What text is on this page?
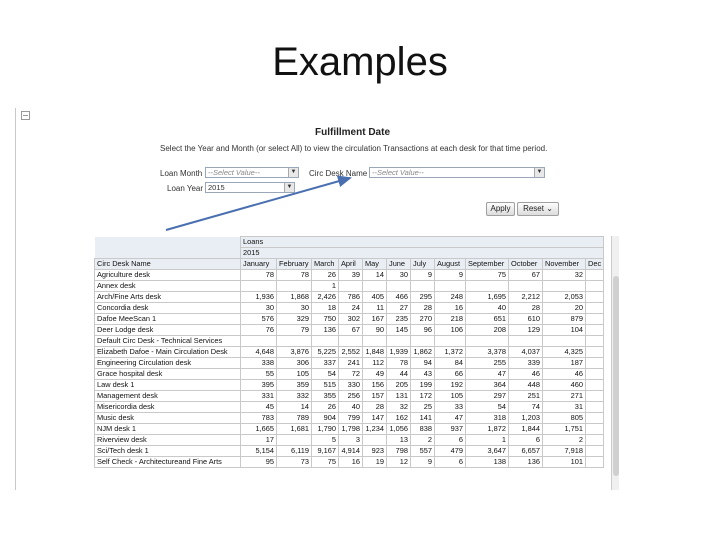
Examples
Fulfillment Date
Select the Year and Month (or select All) to view the circulation Transactions at each desk for that time period.
Loan Month --Select Value--	▼
Loan Year 2015	▼
Circ Desk Name --Select Value--	▼
Apply	Reset ⌄
	Loans											
	2015											
Circ Desk Name	January	February	March	April	May	June	July	August	September	October	November	Dec
Agriculture desk	78	78	26	39	14	30	9	9	75	67	32	
Annex desk			1									
Arch/Fine Arts desk	1,936	1,868	2,426	786	405	466	295	248	1,695	2,212	2,053	
Concordia desk	30	30	18	24	11	27	28	16	40	28	20	
Dafoe MeeScan 1	576	329	750	302	167	235	270	218	651	610	879	
Deer Lodge desk	76	79	136	67	90	145	96	106	208	129	104	
Default Circ Desk - Technical Services												
Elizabeth Dafoe - Main Circulation Desk	4,648	3,876	5,225	2,552	1,848	1,939	1,862	1,372	3,378	4,037	4,325	
Engineering Circulation desk	338	306	337	241	112	78	94	84	255	339	187	
Grace hospital desk	55	105	54	72	49	44	43	66	47	46	46	
Law desk 1	395	359	515	330	156	205	199	192	364	448	460	
Management desk	331	332	355	256	157	131	172	105	297	251	271	
Misericordia desk	45	14	26	40	28	32	25	33	54	74	31	
Music desk	783	789	904	799	147	162	141	47	318	1,203	805	
NJM desk 1	1,665	1,681	1,790	1,798	1,234	1,056	838	937	1,872	1,844	1,751	
Riverview desk	17		5	3		13	2	6	1	6	2	
Sci/Tech desk 1	5,154	6,119	9,167	4,914	923	798	557	479	3,647	6,657	7,918	
Self Check - Architectureand Fine Arts	95	73	75	16	19	12	9	6	138	136	101	
